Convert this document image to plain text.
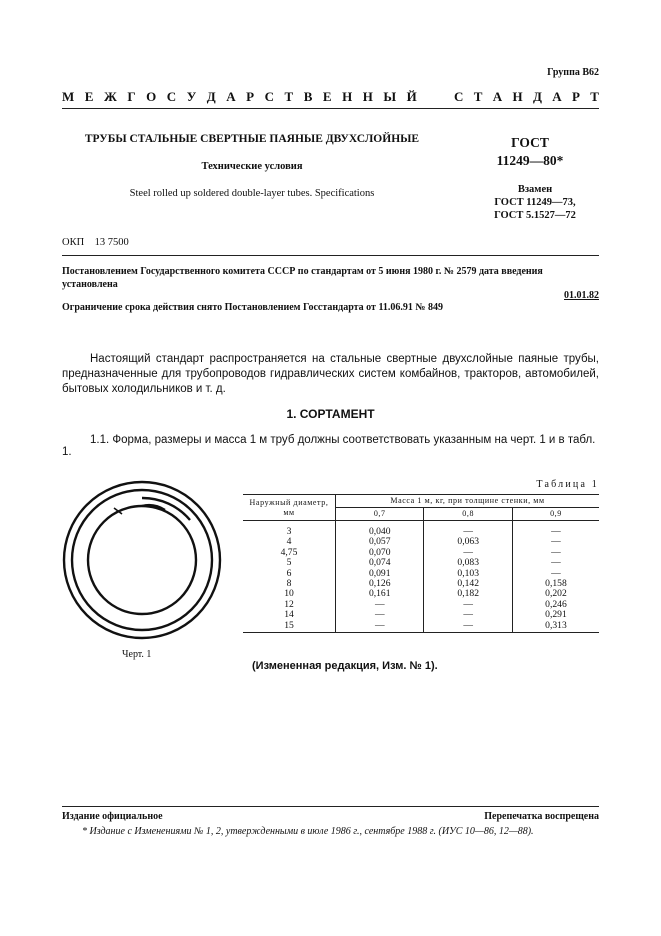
Группа В62
М Е Ж Г О С У Д А Р С Т В Е Н Н Ы Й	С Т А Н Д А Р Т
ТРУБЫ СТАЛЬНЫЕ СВЕРТНЫЕ ПАЯНЫЕ ДВУХСЛОЙНЫЕ
Технические условия
Steel rolled up soldered double-layer tubes. Specifications
ГОСТ
11249—80*
Взамен
ГОСТ 11249—73,
ГОСТ 5.1527—72
ОКП    13 7500
Постановлением Государственного комитета СССР по стандартам от 5 июня 1980 г. № 2579 дата введения установлена
01.01.82
Ограничение срока действия снято Постановлением Госстандарта от 11.06.91 № 849
Настоящий стандарт распространяется на стальные свертные двухслойные паяные трубы, предназначенные для трубопроводов гидравлических систем комбайнов, тракторов, автомобилей, бытовых холодильников и т. д.
1. СОРТАМЕНТ
1.1. Форма, размеры и масса 1 м труб должны соответствовать указанным на черт. 1 и в табл. 1.
Черт. 1
Таблица 1
Наружный диаметр, мм	Масса 1 м, кг, при толщине стенки, мм		
	0,7	0,8	0,9
3	0,040	—	—
4	0,057	0,063	—
4,75	0,070	—	—
5	0,074	0,083	—
6	0,091	0,103	—
8	0,126	0,142	0,158
10	0,161	0,182	0,202
12	—	—	0,246
14	—	—	0,291
15	—	—	0,313
(Измененная редакция, Изм. № 1).
Издание официальное	Перепечатка воспрещена
* Издание с Изменениями № 1, 2, утвержденными в июле 1986 г., сентябре 1988 г. (ИУС 10—86, 12—88).
